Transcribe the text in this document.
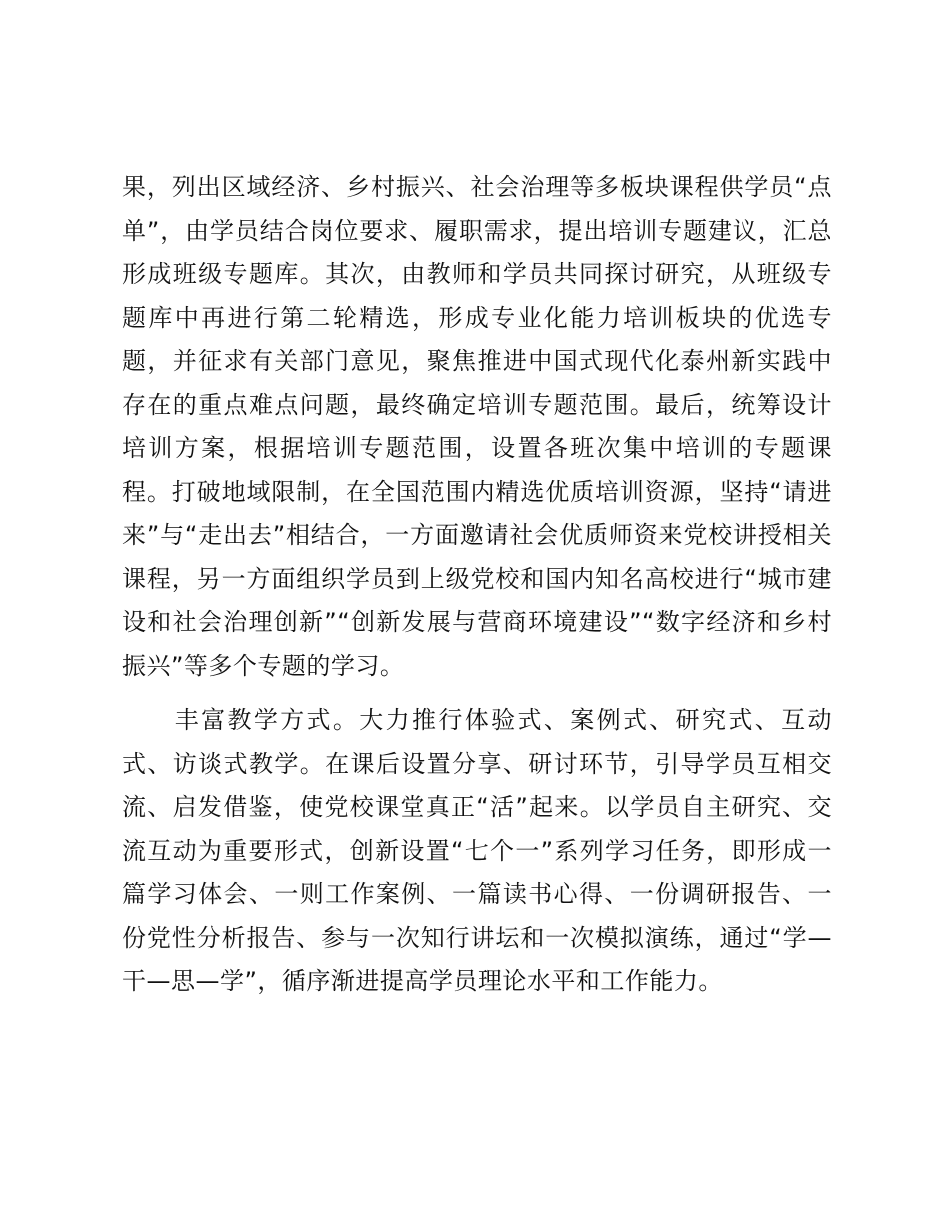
果，列出区域经济、乡村振兴、社会治理等多板块课程供学员“点
单”，由学员结合岗位要求、履职需求，提出培训专题建议，汇总
形成班级专题库。其次，由教师和学员共同探讨研究，从班级专
题库中再进行第二轮精选，形成专业化能力培训板块的优选专
题，并征求有关部门意见，聚焦推进中国式现代化泰州新实践中
存在的重点难点问题，最终确定培训专题范围。最后，统筹设计
培训方案，根据培训专题范围，设置各班次集中培训的专题课
程。打破地域限制，在全国范围内精选优质培训资源，坚持“请进
来”与“走出去”相结合，一方面邀请社会优质师资来党校讲授相关
课程，另一方面组织学员到上级党校和国内知名高校进行“城市建
设和社会治理创新”“创新发展与营商环境建设”“数字经济和乡村
振兴”等多个专题的学习。
　　丰富教学方式。大力推行体验式、案例式、研究式、互动
式、访谈式教学。在课后设置分享、研讨环节，引导学员互相交
流、启发借鉴，使党校课堂真正“活”起来。以学员自主研究、交
流互动为重要形式，创新设置“七个一”系列学习任务，即形成一
篇学习体会、一则工作案例、一篇读书心得、一份调研报告、一
份党性分析报告、参与一次知行讲坛和一次模拟演练，通过“学—
干—思—学”，循序渐进提高学员理论水平和工作能力。
